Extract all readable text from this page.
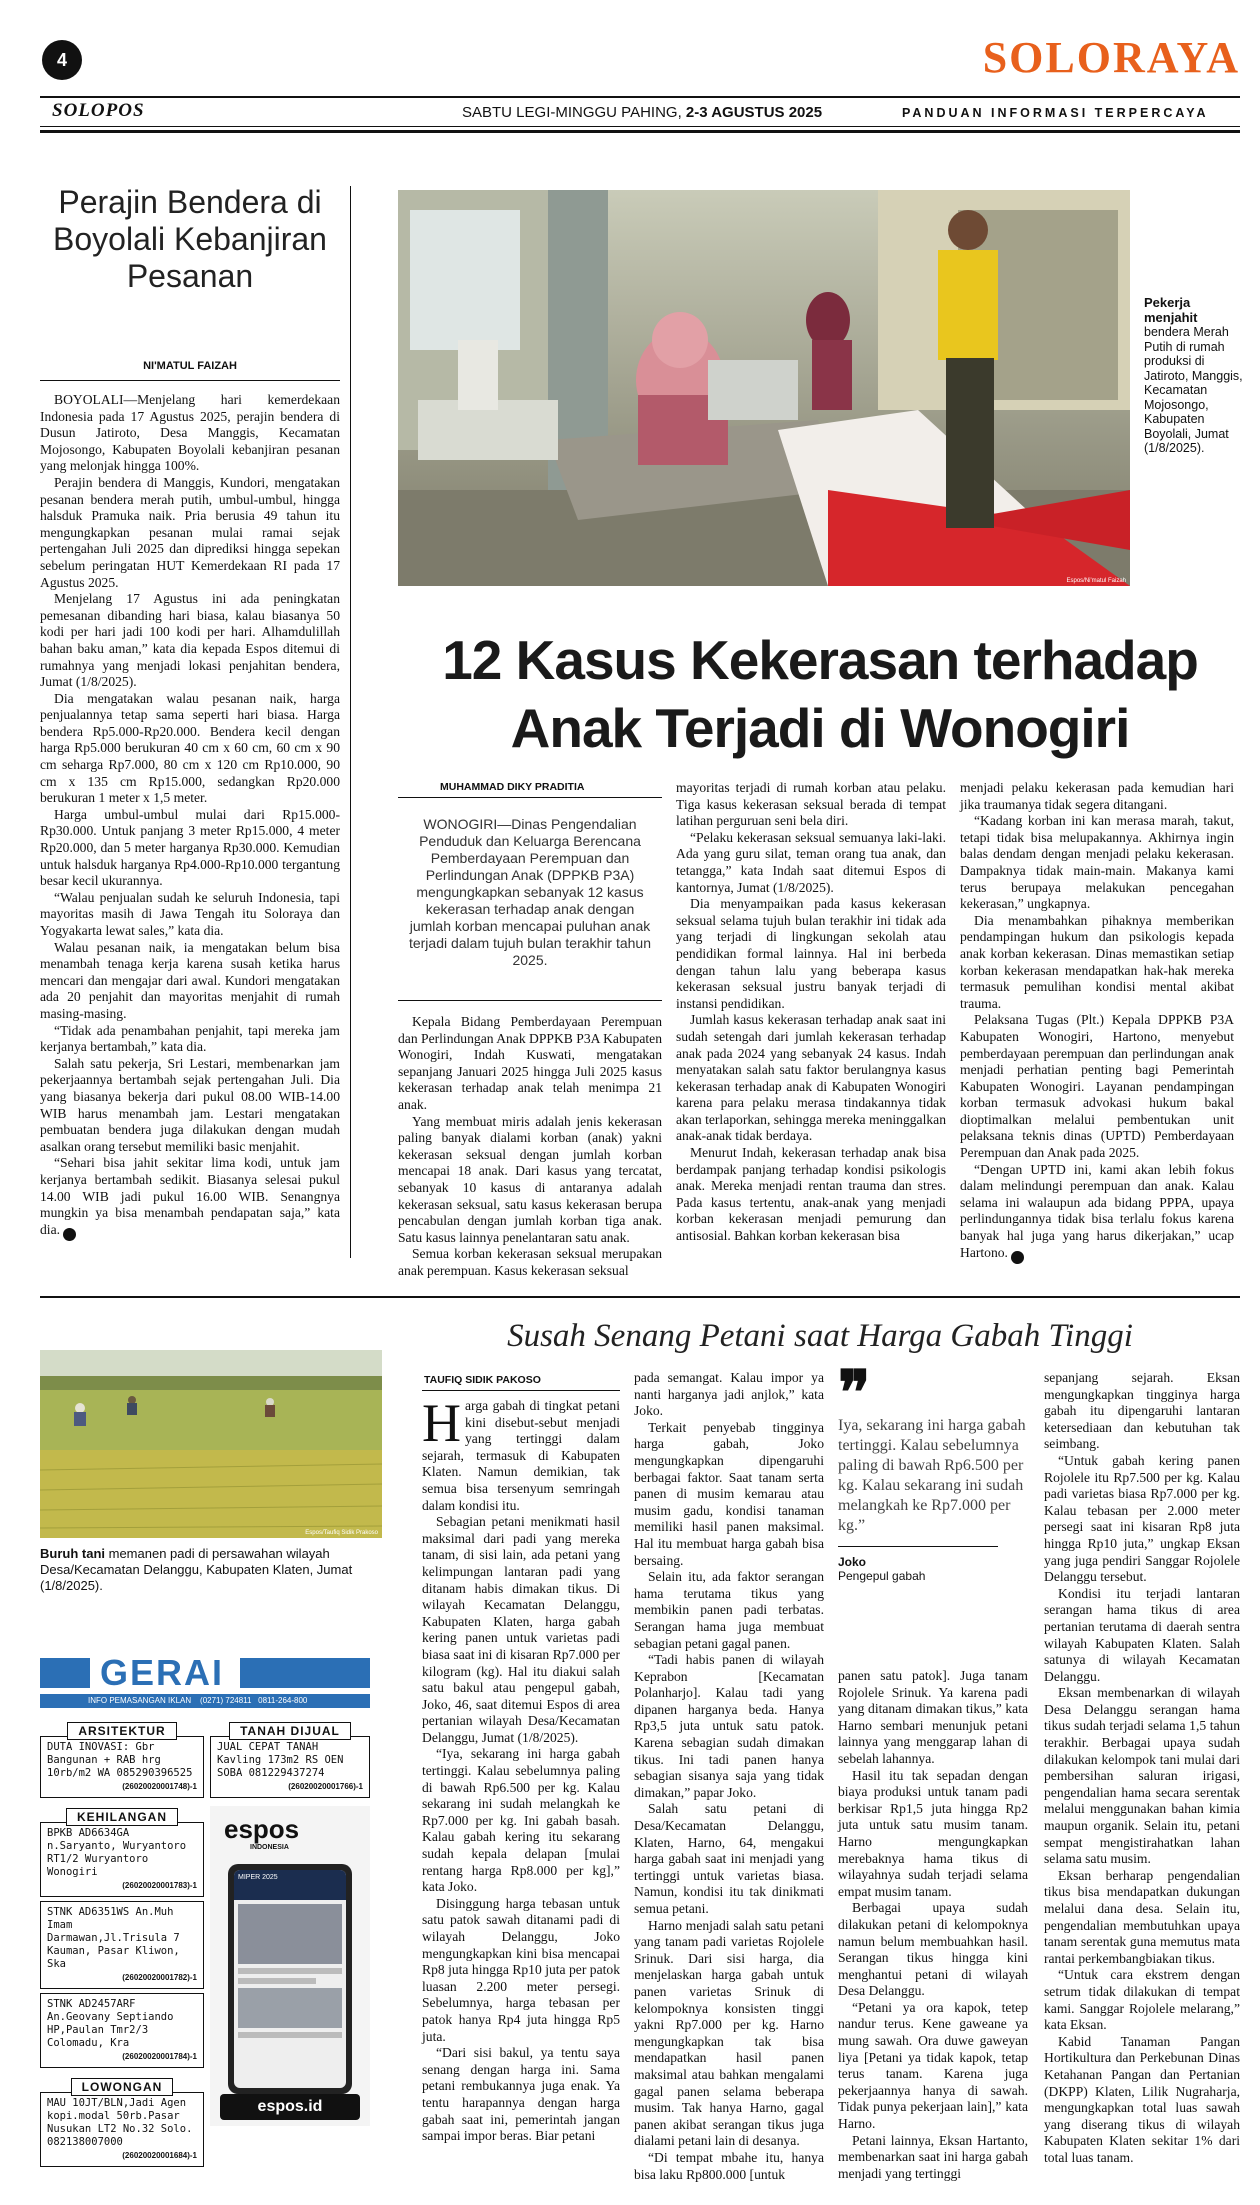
4	SOLORAYA
SOLOPOS	SABTU LEGI-MINGGU PAHING, 2-3 AGUSTUS 2025	PANDUAN INFORMASI TERPERCAYA
Perajin Bendera di Boyolali Kebanjiran Pesanan
NI'MATUL FAIZAH

BOYOLALI—Menjelang hari kemerdekaan Indonesia pada 17 Agustus 2025, perajin bendera di Dusun Jatiroto, Desa Manggis, Kecamatan Mojosongo, Kabupaten Boyolali kebanjiran pesanan yang melonjak hingga 100%.

Perajin bendera di Manggis, Kundori, mengatakan pesanan bendera merah putih, umbul-umbul, hingga halsduk Pramuka naik. Pria berusia 49 tahun itu mengungkapkan pesanan mulai ramai sejak pertengahan Juli 2025 dan diprediksi hingga sepekan sebelum peringatan HUT Kemerdekaan RI pada 17 Agustus 2025.

Menjelang 17 Agustus ini ada peningkatan pemesanan dibanding hari biasa, kalau biasanya 50 kodi per hari jadi 100 kodi per hari. Alhamdulillah bahan baku aman,” kata dia kepada Espos ditemui di rumahnya yang menjadi lokasi penjahitan bendera, Jumat (1/8/2025).

Dia mengatakan walau pesanan naik, harga penjualannya tetap sama seperti hari biasa. Harga bendera Rp5.000-Rp20.000. Bendera kecil dengan harga Rp5.000 berukuran 40 cm x 60 cm, 60 cm x 90 cm seharga Rp7.000, 80 cm x 120 cm Rp10.000, 90 cm x 135 cm Rp15.000, sedangkan Rp20.000 berukuran 1 meter x 1,5 meter.

Harga umbul-umbul mulai dari Rp15.000-Rp30.000. Untuk panjang 3 meter Rp15.000, 4 meter Rp20.000, dan 5 meter harganya Rp30.000. Kemudian untuk halsduk harganya Rp4.000-Rp10.000 tergantung besar kecil ukurannya.

“Walau penjualan sudah ke seluruh Indonesia, tapi mayoritas masih di Jawa Tengah itu Soloraya dan Yogyakarta lewat sales,” kata dia.

Walau pesanan naik, ia mengatakan belum bisa menambah tenaga kerja karena susah ketika harus mencari dan mengajar dari awal. Kundori mengatakan ada 20 penjahit dan mayoritas menjahit di rumah masing-masing.

“Tidak ada penambahan penjahit, tapi mereka jam kerjanya bertambah,” kata dia.

Salah satu pekerja, Sri Lestari, membenarkan jam pekerjaannya bertambah sejak pertengahan Juli. Dia yang biasanya bekerja dari pukul 08.00 WIB-14.00 WIB harus menambah jam. Lestari mengatakan pembuatan bendera juga dilakukan dengan mudah asalkan orang tersebut memiliki basic menjahit.

“Sehari bisa jahit sekitar lima kodi, untuk jam kerjanya bertambah sedikit. Biasanya selesai pukul 14.00 WIB jadi pukul 16.00 WIB. Senangnya mungkin ya bisa menambah pendapatan saja,” kata dia. ✎

Espos/Ni'matul Faizah
Pekerja menjahit
bendera Merah Putih di rumah produksi di Jatiroto, Manggis, Kecamatan Mojosongo, Kabupaten Boyolali, Jumat (1/8/2025).
12 Kasus Kekerasan terhadap
Anak Terjadi di Wonogiri
MUHAMMAD DIKY PRADITIA
WONOGIRI—Dinas Pengendalian Penduduk dan Keluarga Berencana Pemberdayaan Perempuan dan Perlindungan Anak (DPPKB P3A) mengungkapkan sebanyak 12 kasus kekerasan terhadap anak dengan jumlah korban mencapai puluhan anak terjadi dalam tujuh bulan terakhir tahun 2025.

Kepala Bidang Pemberdayaan Perempuan dan Perlindungan Anak DPPKB P3A Kabupaten Wonogiri, Indah Kuswati, mengatakan sepanjang Januari 2025 hingga Juli 2025 kasus kekerasan terhadap anak telah menimpa 21 anak.

Yang membuat miris adalah jenis kekerasan paling banyak dialami korban (anak) yakni kekerasan seksual dengan jumlah korban mencapai 18 anak. Dari kasus yang tercatat, sebanyak 10 kasus di antaranya adalah kekerasan seksual, satu kasus kekerasan berupa pencabulan dengan jumlah korban tiga anak. Satu kasus lainnya penelantaran satu anak.

Semua korban kekerasan seksual merupakan anak perempuan. Kasus kekerasan seksual

mayoritas terjadi di rumah korban atau pelaku. Tiga kasus kekerasan seksual berada di tempat latihan perguruan seni bela diri.

“Pelaku kekerasan seksual semuanya laki-laki. Ada yang guru silat, teman orang tua anak, dan tetangga,” kata Indah saat ditemui Espos di kantornya, Jumat (1/8/2025).

Dia menyampaikan pada kasus kekerasan seksual selama tujuh bulan terakhir ini tidak ada yang terjadi di lingkungan sekolah atau pendidikan formal lainnya. Hal ini berbeda dengan tahun lalu yang beberapa kasus kekerasan seksual justru banyak terjadi di instansi pendidikan.

Jumlah kasus kekerasan terhadap anak saat ini sudah setengah dari jumlah kekerasan terhadap anak pada 2024 yang sebanyak 24 kasus. Indah menyatakan salah satu faktor berulangnya kasus kekerasan terhadap anak di Kabupaten Wonogiri karena para pelaku merasa tindakannya tidak akan terlaporkan, sehingga mereka meninggalkan anak-anak tidak berdaya.

Menurut Indah, kekerasan terhadap anak bisa berdampak panjang terhadap kondisi psikologis anak. Mereka menjadi rentan trauma dan stres. Pada kasus tertentu, anak-anak yang menjadi korban kekerasan menjadi pemurung dan antisosial. Bahkan korban kekerasan bisa

menjadi pelaku kekerasan pada kemudian hari jika traumanya tidak segera ditangani.

“Kadang korban ini kan merasa marah, takut, tetapi tidak bisa melupakannya. Akhirnya ingin balas dendam dengan menjadi pelaku kekerasan. Dampaknya tidak main-main. Makanya kami terus berupaya melakukan pencegahan kekerasan,” ungkapnya.

Dia menambahkan pihaknya memberikan pendampingan hukum dan psikologis kepada anak korban kekerasan. Dinas memastikan setiap korban kekerasan mendapatkan hak-hak mereka termasuk pemulihan kondisi mental akibat trauma.

Pelaksana Tugas (Plt.) Kepala DPPKB P3A Kabupaten Wonogiri, Hartono, menyebut pemberdayaan perempuan dan perlindungan anak menjadi perhatian penting bagi Pemerintah Kabupaten Wonogiri. Layanan pendampingan korban termasuk advokasi hukum bakal dioptimalkan melalui pembentukan unit pelaksana teknis dinas (UPTD) Pemberdayaan Perempuan dan Anak pada 2025.

“Dengan UPTD ini, kami akan lebih fokus dalam melindungi perempuan dan anak. Kalau selama ini walaupun ada bidang PPPA, upaya perlindungannya tidak bisa terlalu fokus karena banyak hal juga yang harus dikerjakan,” ucap Hartono. ✎

Espos/Taufiq Sidik Prakoso
Buruh tani memanen padi di persawahan wilayah Desa/Kecamatan Delanggu, Kabupaten Klaten, Jumat (1/8/2025).
GERAI
INFO PEMASANGAN IKLAN (0271) 724811 0811-264-800
ARSITEKTUR
DUTA INOVASI: Gbr Bangunan + RAB hrg 10rb/m2 WA 085290396525
(26020020001748)-1
KEHILANGAN
BPKB AD6634GA n.Saryanto, Wuryantoro RT1/2 Wuryantoro Wonogiri
(26020020001783)-1
STNK AD6351WS An.Muh Imam Darmawan,Jl.Trisula 7 Kauman, Pasar Kliwon, Ska
(26020020001782)-1
STNK AD2457ARF An.Geovany Septiando HP,Paulan Tmr2/3 Colomadu, Kra
(26020020001784)-1
LOWONGAN
MAU 10JT/BLN,Jadi Agen kopi.modal 50rb.Pasar Nusukan LT2 No.32 Solo. 082138007000
(26020020001684)-1
TANAH DIJUAL
JUAL CEPAT TANAH Kavling 173m2 RS OEN SOBA 081229437274
(26020020001766)-1
espos
INDONESIA
MIPER 2025
espos.id
Susah Senang Petani saat Harga Gabah Tinggi
TAUFIQ SIDIK PAKOSO

Harga gabah di tingkat petani kini disebut-sebut menjadi yang tertinggi dalam sejarah, termasuk di Kabupaten Klaten. Namun demikian, tak semua bisa tersenyum semringah dalam kondisi itu.

Sebagian petani menikmati hasil maksimal dari padi yang mereka tanam, di sisi lain, ada petani yang kelimpungan lantaran padi yang ditanam habis dimakan tikus. Di wilayah Kecamatan Delanggu, Kabupaten Klaten, harga gabah kering panen untuk varietas padi biasa saat ini di kisaran Rp7.000 per kilogram (kg). Hal itu diakui salah satu bakul atau pengepul gabah, Joko, 46, saat ditemui Espos di area pertanian wilayah Desa/Kecamatan Delanggu, Jumat (1/8/2025).

“Iya, sekarang ini harga gabah tertinggi. Kalau sebelumnya paling di bawah Rp6.500 per kg. Kalau sekarang ini sudah melangkah ke Rp7.000 per kg. Ini gabah basah. Kalau gabah kering itu sekarang sudah kepala delapan [mulai rentang harga Rp8.000 per kg],” kata Joko.

Disinggung harga tebasan untuk satu patok sawah ditanami padi di wilayah Delanggu, Joko mengungkapkan kini bisa mencapai Rp8 juta hingga Rp10 juta per patok luasan 2.200 meter persegi. Sebelumnya, harga tebasan per patok hanya Rp4 juta hingga Rp5 juta.

“Dari sisi bakul, ya tentu saya senang dengan harga ini. Sama petani rembukannya juga enak. Ya tentu harapannya dengan harga gabah saat ini, pemerintah jangan sampai impor beras. Biar petani

pada semangat. Kalau impor ya nanti harganya jadi anjlok,” kata Joko.

Terkait penyebab tingginya harga gabah, Joko mengungkapkan dipengaruhi berbagai faktor. Saat tanam serta panen di musim kemarau atau musim gadu, kondisi tanaman memiliki hasil panen maksimal. Hal itu membuat harga gabah bisa bersaing.

Selain itu, ada faktor serangan hama terutama tikus yang membikin panen padi terbatas. Serangan hama juga membuat sebagian petani gagal panen.

“Tadi habis panen di wilayah Keprabon [Kecamatan Polanharjo]. Kalau tadi yang dipanen harganya beda. Hanya Rp3,5 juta untuk satu patok. Karena sebagian sudah dimakan tikus. Ini tadi panen hanya sebagian sisanya saja yang tidak dimakan,” papar Joko.

Salah satu petani di Desa/Kecamatan Delanggu, Klaten, Harno, 64, mengakui harga gabah saat ini menjadi yang tertinggi untuk varietas biasa. Namun, kondisi itu tak dinikmati semua petani.

Harno menjadi salah satu petani yang tanam padi varietas Rojolele Srinuk. Dari sisi harga, dia menjelaskan harga gabah untuk panen varietas Srinuk di kelompoknya konsisten tinggi yakni Rp7.000 per kg. Harno mengungkapkan tak bisa mendapatkan hasil panen maksimal atau bahkan mengalami gagal panen selama beberapa musim. Tak hanya Harno, gagal panen akibat serangan tikus juga dialami petani lain di desanya.

“Di tempat mbahe itu, hanya bisa laku Rp800.000 [untuk

❞
Iya, sekarang ini harga gabah tertinggi. Kalau sebelumnya paling di bawah Rp6.500 per kg. Kalau sekarang ini sudah melangkah ke Rp7.000 per kg.”
Joko
Pengepul gabah

panen satu patok]. Juga tanam Rojolele Srinuk. Ya karena padi yang ditanam dimakan tikus,” kata Harno sembari menunjuk petani lainnya yang menggarap lahan di sebelah lahannya.

Hasil itu tak sepadan dengan biaya produksi untuk tanam padi berkisar Rp1,5 juta hingga Rp2 juta untuk satu musim tanam. Harno mengungkapkan merebaknya hama tikus di wilayahnya sudah terjadi selama empat musim tanam.

Berbagai upaya sudah dilakukan petani di kelompoknya namun belum membuahkan hasil. Serangan tikus hingga kini menghantui petani di wilayah Desa Delanggu.

“Petani ya ora kapok, tetep nandur terus. Kene gaweane ya mung sawah. Ora duwe gaweyan liya [Petani ya tidak kapok, tetap terus tanam. Karena juga pekerjaannya hanya di sawah. Tidak punya pekerjaan lain],” kata Harno.

Petani lainnya, Eksan Hartanto, membenarkan saat ini harga gabah menjadi yang tertinggi

sepanjang sejarah. Eksan mengungkapkan tingginya harga gabah itu dipengaruhi lantaran ketersediaan dan kebutuhan tak seimbang.

“Untuk gabah kering panen Rojolele itu Rp7.500 per kg. Kalau padi varietas biasa Rp7.000 per kg. Kalau tebasan per 2.000 meter persegi saat ini kisaran Rp8 juta hingga Rp10 juta,” ungkap Eksan yang juga pendiri Sanggar Rojolele Delanggu tersebut.

Kondisi itu terjadi lantaran serangan hama tikus di area pertanian terutama di daerah sentra wilayah Kabupaten Klaten. Salah satunya di wilayah Kecamatan Delanggu.

Eksan membenarkan di wilayah Desa Delanggu serangan hama tikus sudah terjadi selama 1,5 tahun terakhir. Berbagai upaya sudah dilakukan kelompok tani mulai dari pembersihan saluran irigasi, pengendalian hama secara serentak melalui menggunakan bahan kimia maupun organik. Selain itu, petani sempat mengistirahatkan lahan selama satu musim.

Eksan berharap pengendalian tikus bisa mendapatkan dukungan melalui dana desa. Selain itu, pengendalian membutuhkan upaya tanam serentak guna memutus mata rantai perkembangbiakan tikus.

“Untuk cara ekstrem dengan setrum tidak dilakukan di tempat kami. Sanggar Rojolele melarang,” kata Eksan.

Kabid Tanaman Pangan Hortikultura dan Perkebunan Dinas Ketahanan Pangan dan Pertanian (DKPP) Klaten, Lilik Nugraharja, mengungkapkan total luas sawah yang diserang tikus di wilayah Kabupaten Klaten sekitar 1% dari total luas tanam.
